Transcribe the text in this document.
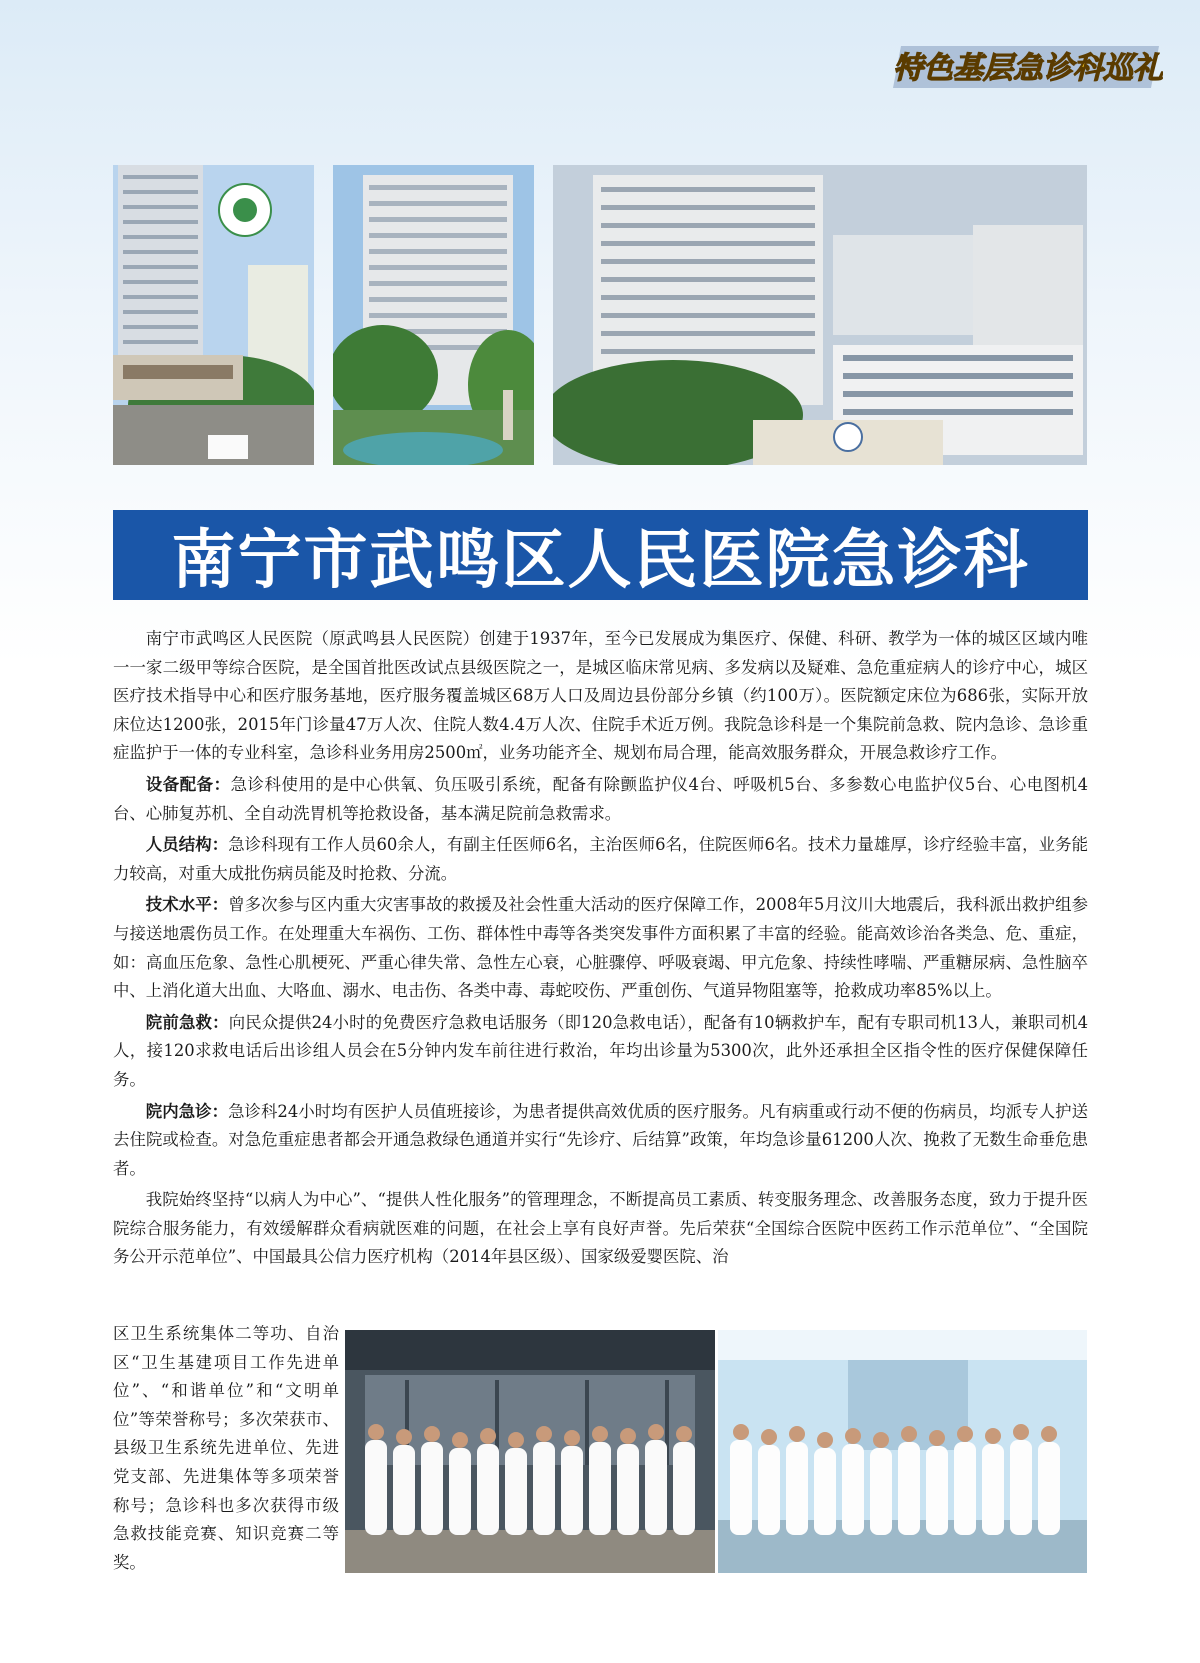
特色基层急诊科巡礼
南宁市武鸣区人民医院急诊科

南宁市武鸣区人民医院（原武鸣县人民医院）创建于1937年，至今已发展成为集医疗、保健、科研、教学为一体的城区区域内唯一一家二级甲等综合医院，是全国首批医改试点县级医院之一，是城区临床常见病、多发病以及疑难、急危重症病人的诊疗中心，城区医疗技术指导中心和医疗服务基地，医疗服务覆盖城区68万人口及周边县份部分乡镇（约100万）。医院额定床位为686张，实际开放床位达1200张，2015年门诊量47万人次、住院人数4.4万人次、住院手术近万例。我院急诊科是一个集院前急救、院内急诊、急诊重症监护于一体的专业科室，急诊科业务用房2500㎡，业务功能齐全、规划布局合理，能高效服务群众，开展急救诊疗工作。

设备配备：急诊科使用的是中心供氧、负压吸引系统，配备有除颤监护仪4台、呼吸机5台、多参数心电监护仪5台、心电图机4台、心肺复苏机、全自动洗胃机等抢救设备，基本满足院前急救需求。

人员结构：急诊科现有工作人员60余人，有副主任医师6名，主治医师6名，住院医师6名。技术力量雄厚，诊疗经验丰富，业务能力较高，对重大成批伤病员能及时抢救、分流。

技术水平：曾多次参与区内重大灾害事故的救援及社会性重大活动的医疗保障工作，2008年5月汶川大地震后，我科派出救护组参与接送地震伤员工作。在处理重大车祸伤、工伤、群体性中毒等各类突发事件方面积累了丰富的经验。能高效诊治各类急、危、重症，如：高血压危象、急性心肌梗死、严重心律失常、急性左心衰，心脏骤停、呼吸衰竭、甲亢危象、持续性哮喘、严重糖尿病、急性脑卒中、上消化道大出血、大咯血、溺水、电击伤、各类中毒、毒蛇咬伤、严重创伤、气道异物阻塞等，抢救成功率85%以上。

院前急救：向民众提供24小时的免费医疗急救电话服务（即120急救电话），配备有10辆救护车，配有专职司机13人，兼职司机4人，接120求救电话后出诊组人员会在5分钟内发车前往进行救治，年均出诊量为5300次，此外还承担全区指令性的医疗保健保障任务。

院内急诊：急诊科24小时均有医护人员值班接诊，为患者提供高效优质的医疗服务。凡有病重或行动不便的伤病员，均派专人护送去住院或检查。对急危重症患者都会开通急救绿色通道并实行“先诊疗、后结算”政策，年均急诊量61200人次、挽救了无数生命垂危患者。

我院始终坚持“以病人为中心”、“提供人性化服务”的管理理念，不断提高员工素质、转变服务理念、改善服务态度，致力于提升医院综合服务能力，有效缓解群众看病就医难的问题，在社会上享有良好声誉。先后荣获“全国综合医院中医药工作示范单位”、“全国院务公开示范单位”、中国最具公信力医疗机构（2014年县区级）、国家级爱婴医院、治

区卫生系统集体二等功、自治区“卫生基建项目工作先进单位”、“和谐单位”和“文明单位”等荣誉称号；多次荣获市、县级卫生系统先进单位、先进党支部、先进集体等多项荣誉称号；急诊科也多次获得市级急救技能竞赛、知识竞赛二等奖。
